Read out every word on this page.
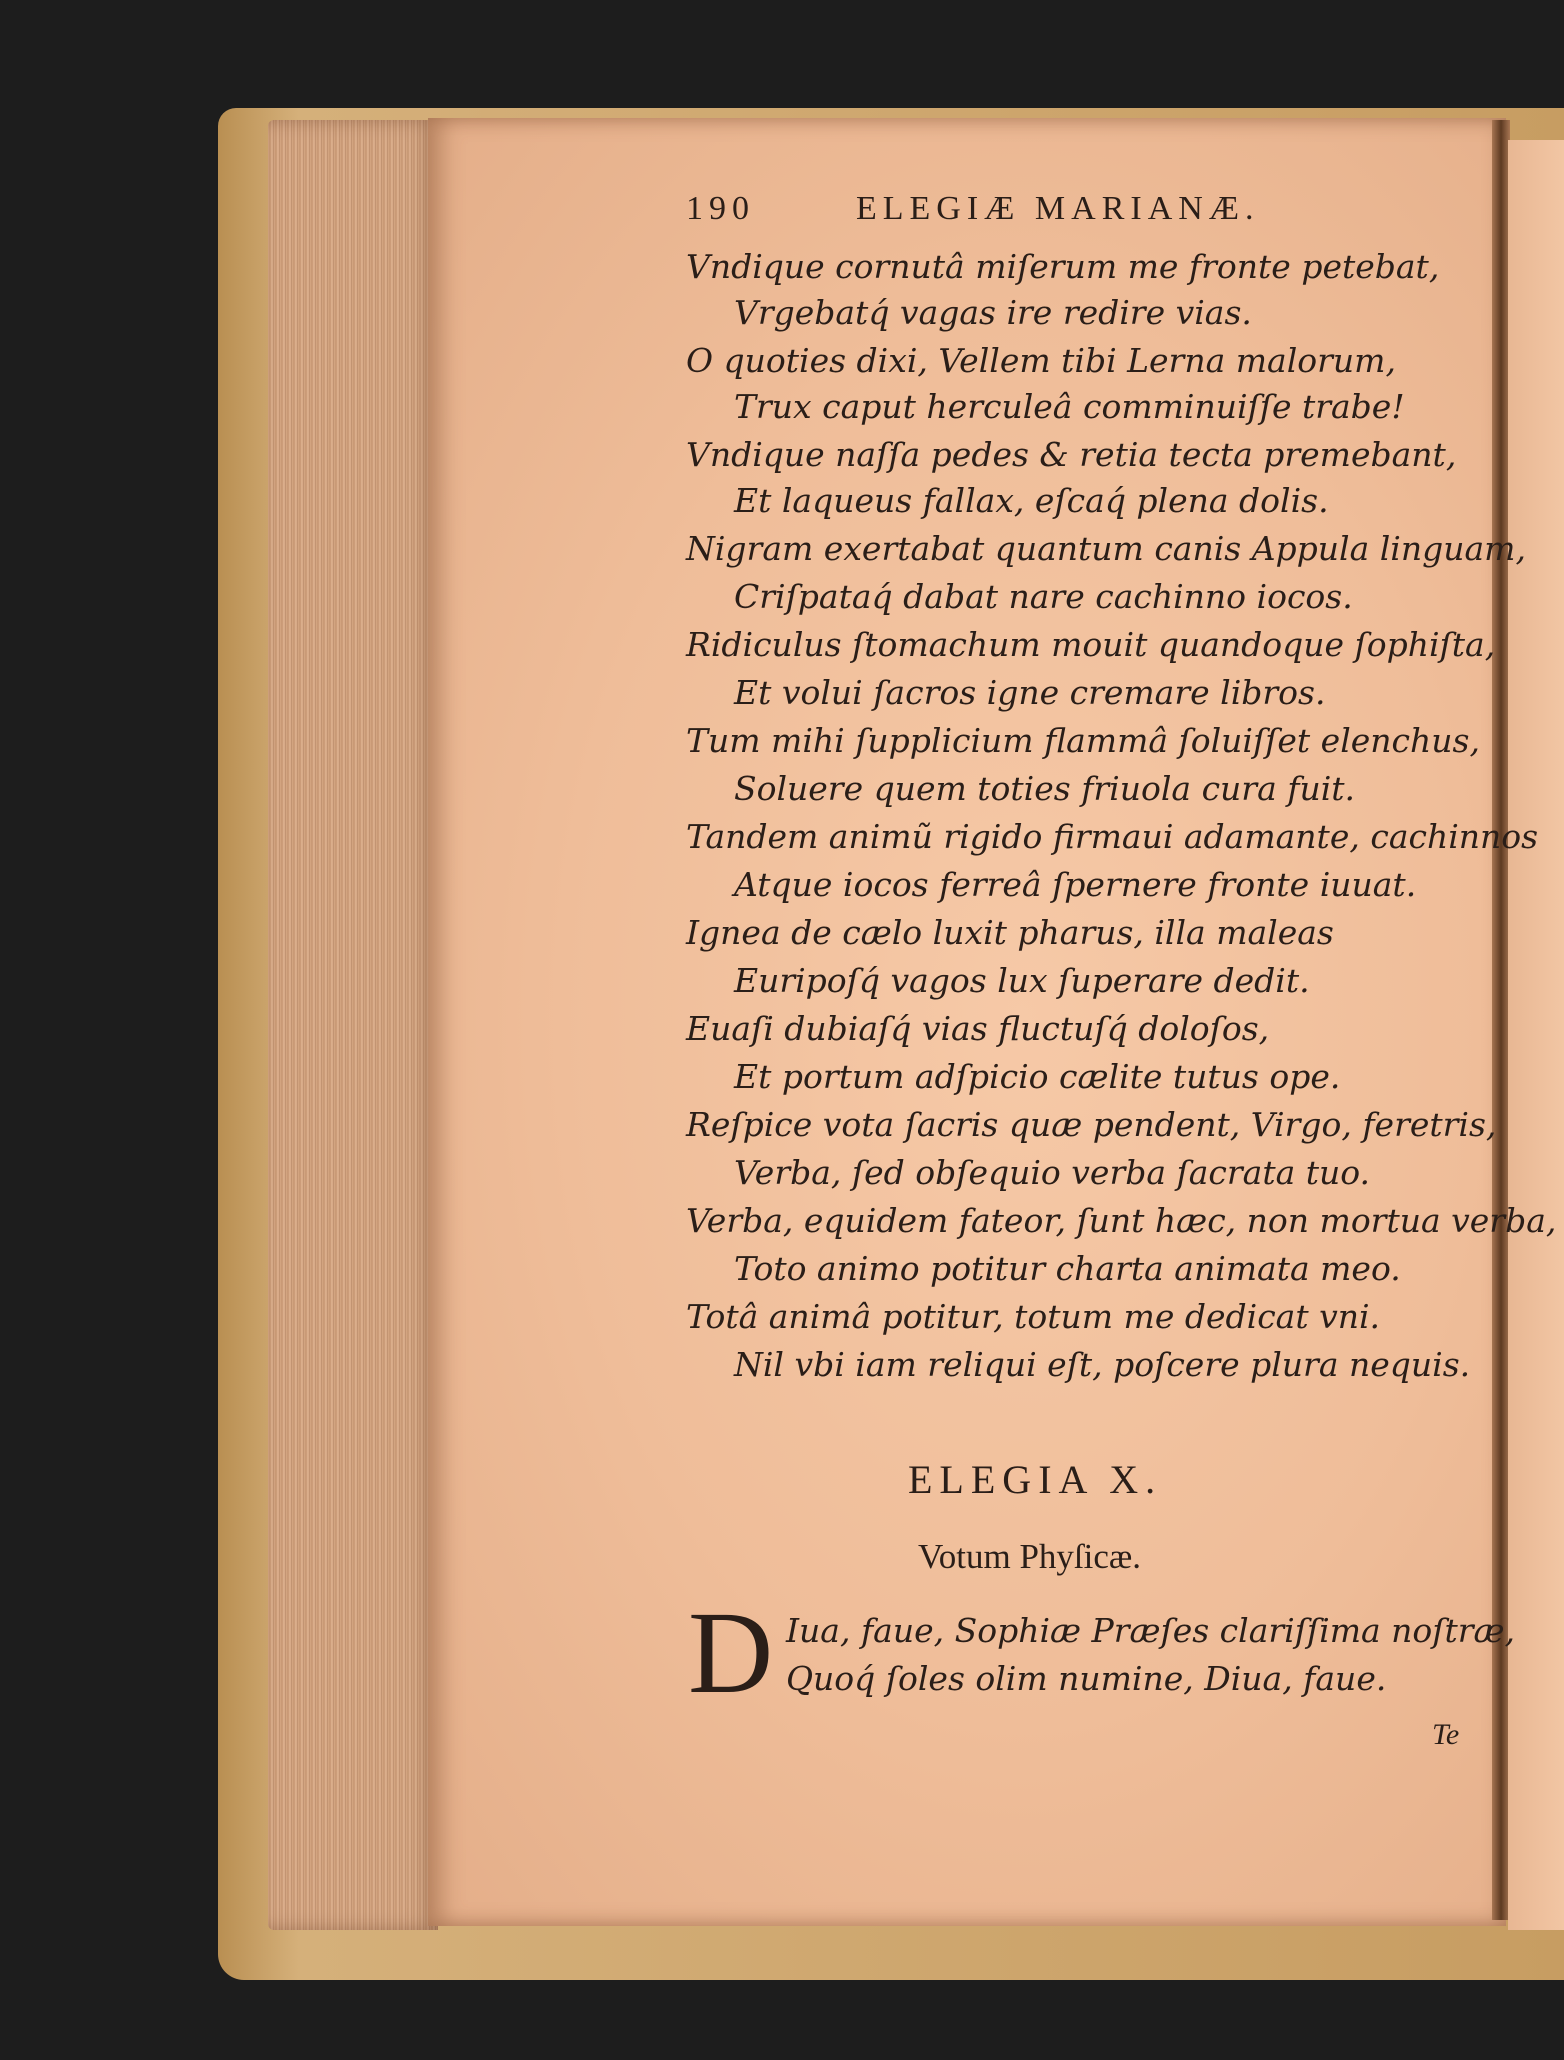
190	ELEGIÆ MARIANÆ.
Vndique cornutâ miſerum me fronte petebat,
Vrgebatq́ vagas ire redire vias.
O quoties dixi, Vellem tibi Lerna malorum,
Trux caput herculeâ comminuiſſe trabe!
Vndique naſſa pedes & retia tecta premebant,
Et laqueus fallax, eſcaq́ plena dolis.
Nigram exertabat quantum canis Appula linguam,
Criſpataq́ dabat nare cachinno iocos.
Ridiculus ſtomachum mouit quandoque ſophiſta,
Et volui ſacros igne cremare libros.
Tum mihi ſupplicium flammâ ſoluiſſet elenchus,
Soluere quem toties friuola cura fuit.
Tandem animũ rigido firmaui adamante, cachinnos
Atque iocos ferreâ ſpernere fronte iuuat.
Ignea de cælo luxit pharus, illa maleas
Euripoſq́ vagos lux ſuperare dedit.
Euaſi dubiaſq́ vias fluctuſq́ doloſos,
Et portum adſpicio cælite tutus ope.
Reſpice vota ſacris quæ pendent, Virgo, feretris,
Verba, ſed obſequio verba ſacrata tuo.
Verba, equidem fateor, ſunt hæc, non mortua verba,
Toto animo potitur charta animata meo.
Totâ animâ potitur, totum me dedicat vni.
Nil vbi iam reliqui eſt, poſcere plura nequis.
ELEGIA X.
Votum Phyſicæ.
D Iua, faue, Sophiæ Præſes clariſſima noſtræ,
Quoq́ ſoles olim numine, Diua, faue.
Te
